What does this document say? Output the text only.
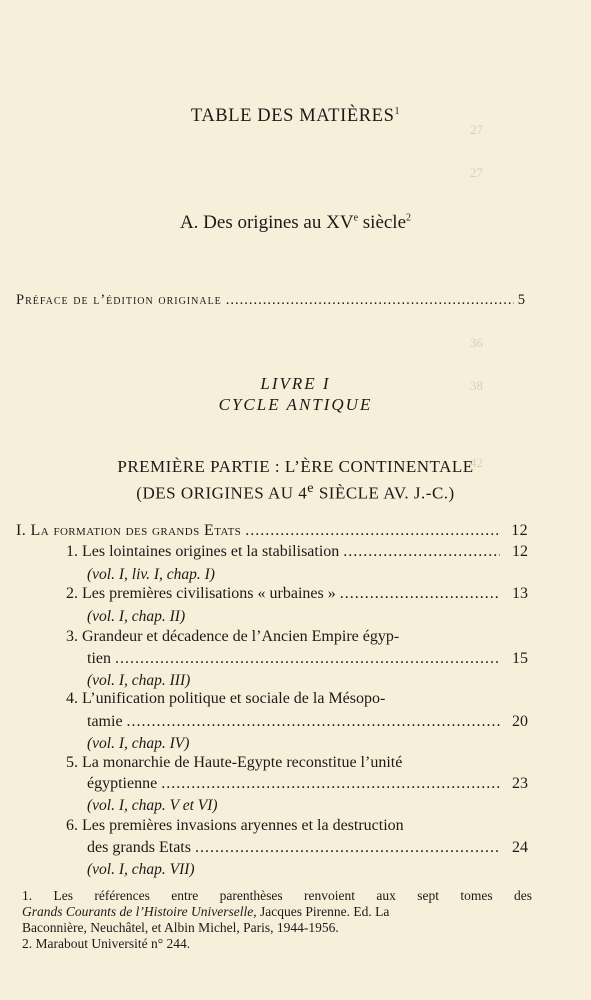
27
27
36
38
42
TABLE DES MATIÈRES$^1$
A. Des origines au XVe siècle$^2$
Préface de l’édition originale .....	5
LIVRE I
CYCLE ANTIQUE
PREMIÈRE PARTIE : L’ÈRE CONTINENTALE
(DES ORIGINES AU 4e SIÈCLE AV. J.-C.)
I. La formation des grands Etats .....	12
1. Les lointaines origines et la stabilisation .....	12
(vol. I, liv. I, chap. I)
2. Les premières civilisations « urbaines » .....	13
(vol. I, chap. II)
3. Grandeur et décadence de l’Ancien Empire égyp-
tien .....	15
(vol. I, chap. III)
4. L’unification politique et sociale de la Mésopo-
tamie .....	20
(vol. I, chap. IV)
5. La monarchie de Haute-Egypte reconstitue l’unité
égyptienne .....	23
(vol. I, chap. V et VI)
6. Les premières invasions aryennes et la destruction
des grands Etats .....	24
(vol. I, chap. VII)
1. Les références entre parenthèses renvoient aux sept tomes des
Grands Courants de l’Histoire Universelle , Jacques Pirenne. Ed. La
Baconnière, Neuchâtel, et Albin Michel, Paris, 1944-1956.
2. Marabout Université n° 244.
